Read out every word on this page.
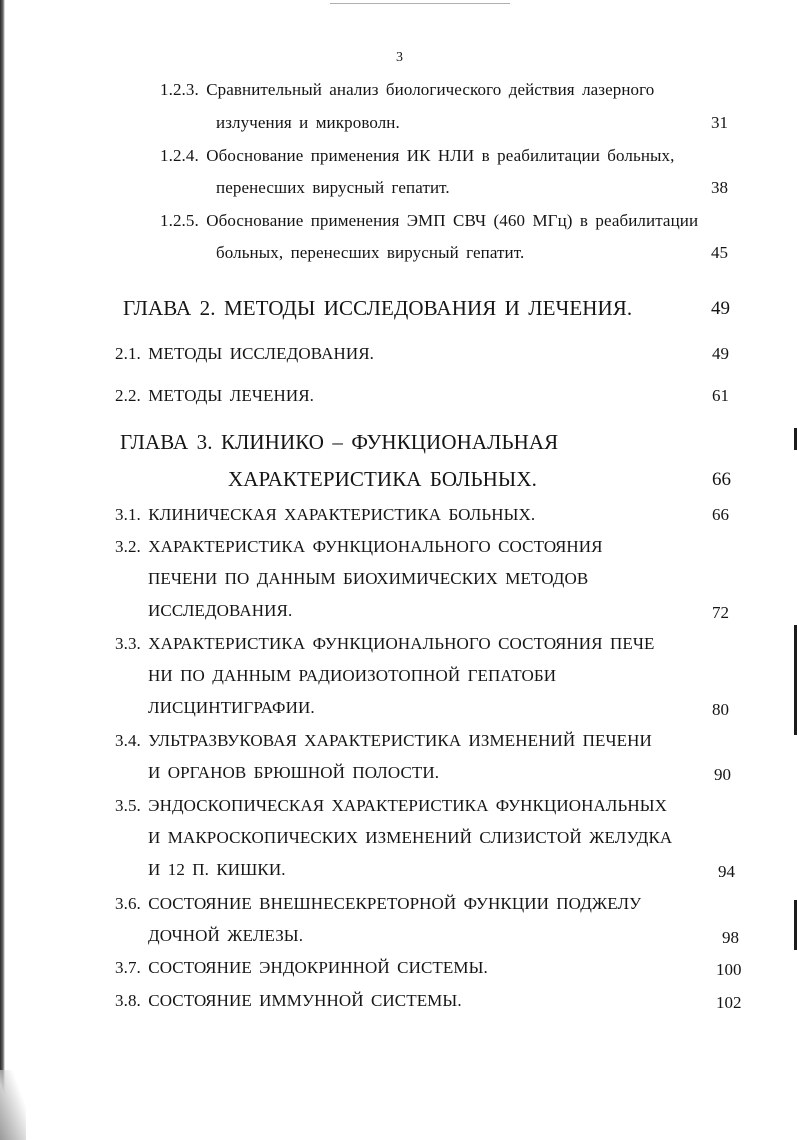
3
1.2.3. Сравнительный анализ биологического действия лазерного
излучения и микроволн.	31
1.2.4. Обоснование применения ИК НЛИ в реабилитации больных,
перенесших вирусный гепатит.	38
1.2.5. Обоснование применения ЭМП СВЧ (460 МГц) в реабилитации
больных, перенесших вирусный гепатит.	45
ГЛАВА 2. МЕТОДЫ ИССЛЕДОВАНИЯ И ЛЕЧЕНИЯ.	49
2.1. МЕТОДЫ ИССЛЕДОВАНИЯ.	49
2.2. МЕТОДЫ ЛЕЧЕНИЯ.	61
ГЛАВА 3. КЛИНИКО – ФУНКЦИОНАЛЬНАЯ
ХАРАКТЕРИСТИКА БОЛЬНЫХ.	66
3.1. КЛИНИЧЕСКАЯ ХАРАКТЕРИСТИКА БОЛЬНЫХ.	66
3.2. ХАРАКТЕРИСТИКА ФУНКЦИОНАЛЬНОГО СОСТОЯНИЯ
ПЕЧЕНИ ПО ДАННЫМ БИОХИМИЧЕСКИХ МЕТОДОВ
ИССЛЕДОВАНИЯ.	72
3.3. ХАРАКТЕРИСТИКА ФУНКЦИОНАЛЬНОГО СОСТОЯНИЯ ПЕЧЕ
НИ ПО ДАННЫМ РАДИОИЗОТОПНОЙ ГЕПАТОБИ
ЛИСЦИНТИГРАФИИ.	80
3.4. УЛЬТРАЗВУКОВАЯ ХАРАКТЕРИСТИКА ИЗМЕНЕНИЙ ПЕЧЕНИ
И ОРГАНОВ БРЮШНОЙ ПОЛОСТИ.	90
3.5. ЭНДОСКОПИЧЕСКАЯ ХАРАКТЕРИСТИКА ФУНКЦИОНАЛЬНЫХ
И МАКРОСКОПИЧЕСКИХ ИЗМЕНЕНИЙ СЛИЗИСТОЙ ЖЕЛУДКА
И 12 П. КИШКИ.	94
3.6. СОСТОЯНИЕ ВНЕШНЕСЕКРЕТОРНОЙ ФУНКЦИИ ПОДЖЕЛУ
ДОЧНОЙ ЖЕЛЕЗЫ.	98
3.7. СОСТОЯНИЕ ЭНДОКРИННОЙ СИСТЕМЫ.	100
3.8. СОСТОЯНИЕ ИММУННОЙ СИСТЕМЫ.	102
